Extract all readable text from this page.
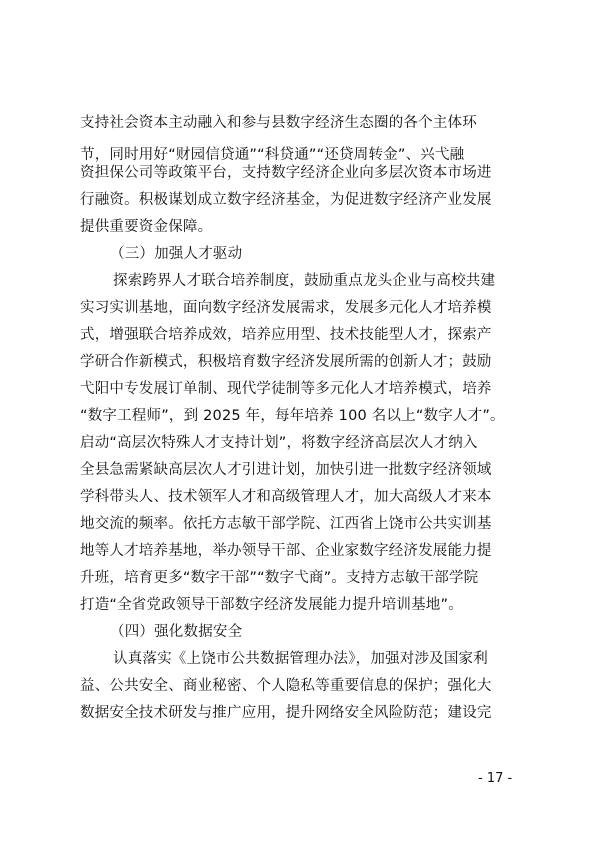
支持社会资本主动融入和参与县数字经济生态圈的各个主体环
节，同时用好“财园信贷通”“科贷通”“还贷周转金”、兴弋融
资担保公司等政策平台，支持数字经济企业向多层次资本市场进
行融资。积极谋划成立数字经济基金，为促进数字经济产业发展
提供重要资金保障。
（三）加强人才驱动
探索跨界人才联合培养制度，鼓励重点龙头企业与高校共建
实习实训基地，面向数字经济发展需求，发展多元化人才培养模
式，增强联合培养成效，培养应用型、技术技能型人才，探索产
学研合作新模式，积极培育数字经济发展所需的创新人才；鼓励
弋阳中专发展订单制、现代学徒制等多元化人才培养模式，培养
“数字工程师”，到 2025 年，每年培养 100 名以上“数字人才”。
启动“高层次特殊人才支持计划”，将数字经济高层次人才纳入
全县急需紧缺高层次人才引进计划，加快引进一批数字经济领域
学科带头人、技术领军人才和高级管理人才，加大高级人才来本
地交流的频率。依托方志敏干部学院、江西省上饶市公共实训基
地等人才培养基地，举办领导干部、企业家数字经济发展能力提
升班，培育更多“数字干部”“数字弋商”。支持方志敏干部学院
打造“全省党政领导干部数字经济发展能力提升培训基地”。
（四）强化数据安全
认真落实《上饶市公共数据管理办法》，加强对涉及国家利
益、公共安全、商业秘密、个人隐私等重要信息的保护；强化大
数据安全技术研发与推广应用，提升网络安全风险防范；建设完
- 17 -
